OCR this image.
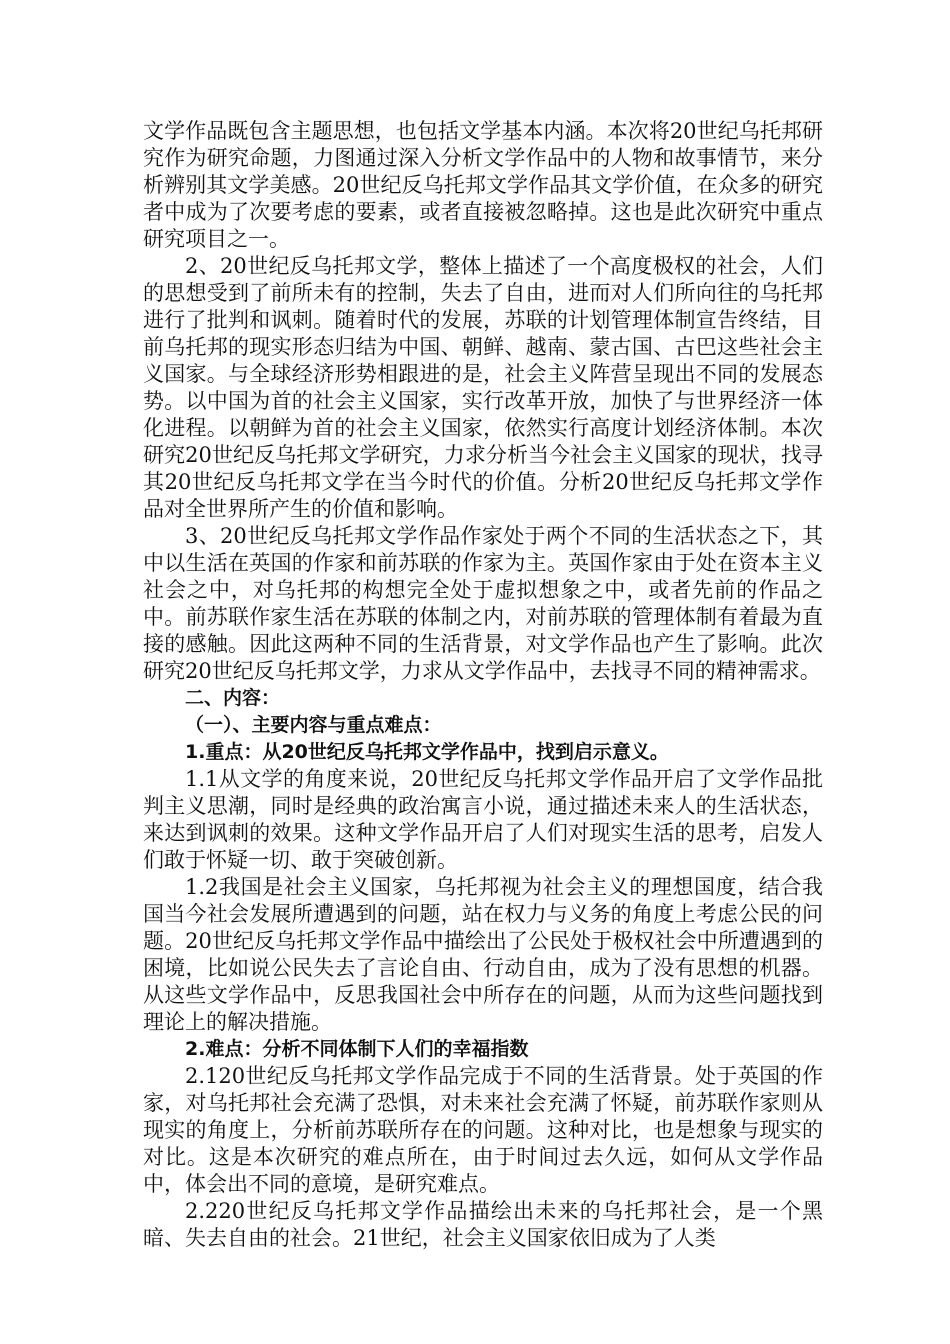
文学作品既包含主题思想，也包括文学基本内涵。本次将20世纪乌托邦研究作为研究命题，力图通过深入分析文学作品中的人物和故事情节，来分析辨别其文学美感。20世纪反乌托邦文学作品其文学价值，在众多的研究者中成为了次要考虑的要素，或者直接被忽略掉。这也是此次研究中重点研究项目之一。

2、20世纪反乌托邦文学，整体上描述了一个高度极权的社会，人们的思想受到了前所未有的控制，失去了自由，进而对人们所向往的乌托邦进行了批判和讽刺。随着时代的发展，苏联的计划管理体制宣告终结，目前乌托邦的现实形态归结为中国、朝鲜、越南、蒙古国、古巴这些社会主义国家。与全球经济形势相跟进的是，社会主义阵营呈现出不同的发展态势。以中国为首的社会主义国家，实行改革开放，加快了与世界经济一体化进程。以朝鲜为首的社会主义国家，依然实行高度计划经济体制。本次研究20世纪反乌托邦文学研究，力求分析当今社会主义国家的现状，找寻其20世纪反乌托邦文学在当今时代的价值。分析20世纪反乌托邦文学作品对全世界所产生的价值和影响。

3、20世纪反乌托邦文学作品作家处于两个不同的生活状态之下，其中以生活在英国的作家和前苏联的作家为主。英国作家由于处在资本主义社会之中，对乌托邦的构想完全处于虚拟想象之中，或者先前的作品之中。前苏联作家生活在苏联的体制之内，对前苏联的管理体制有着最为直接的感触。因此这两种不同的生活背景，对文学作品也产生了影响。此次研究20世纪反乌托邦文学，力求从文学作品中，去找寻不同的精神需求。

二、内容：

（一）、主要内容与重点难点：

1.重点：从20世纪反乌托邦文学作品中，找到启示意义。

1.1从文学的角度来说，20世纪反乌托邦文学作品开启了文学作品批判主义思潮，同时是经典的政治寓言小说，通过描述未来人的生活状态，来达到讽刺的效果。这种文学作品开启了人们对现实生活的思考，启发人们敢于怀疑一切、敢于突破创新。

1.2我国是社会主义国家，乌托邦视为社会主义的理想国度，结合我国当今社会发展所遭遇到的问题，站在权力与义务的角度上考虑公民的问题。20世纪反乌托邦文学作品中描绘出了公民处于极权社会中所遭遇到的困境，比如说公民失去了言论自由、行动自由，成为了没有思想的机器。从这些文学作品中，反思我国社会中所存在的问题，从而为这些问题找到理论上的解决措施。

2.难点：分析不同体制下人们的幸福指数

2.120世纪反乌托邦文学作品完成于不同的生活背景。处于英国的作家，对乌托邦社会充满了恐惧，对未来社会充满了怀疑，前苏联作家则从现实的角度上，分析前苏联所存在的问题。这种对比，也是想象与现实的对比。这是本次研究的难点所在，由于时间过去久远，如何从文学作品中，体会出不同的意境，是研究难点。

2.220世纪反乌托邦文学作品描绘出未来的乌托邦社会，是一个黑暗、失去自由的社会。21世纪，社会主义国家依旧成为了人类
